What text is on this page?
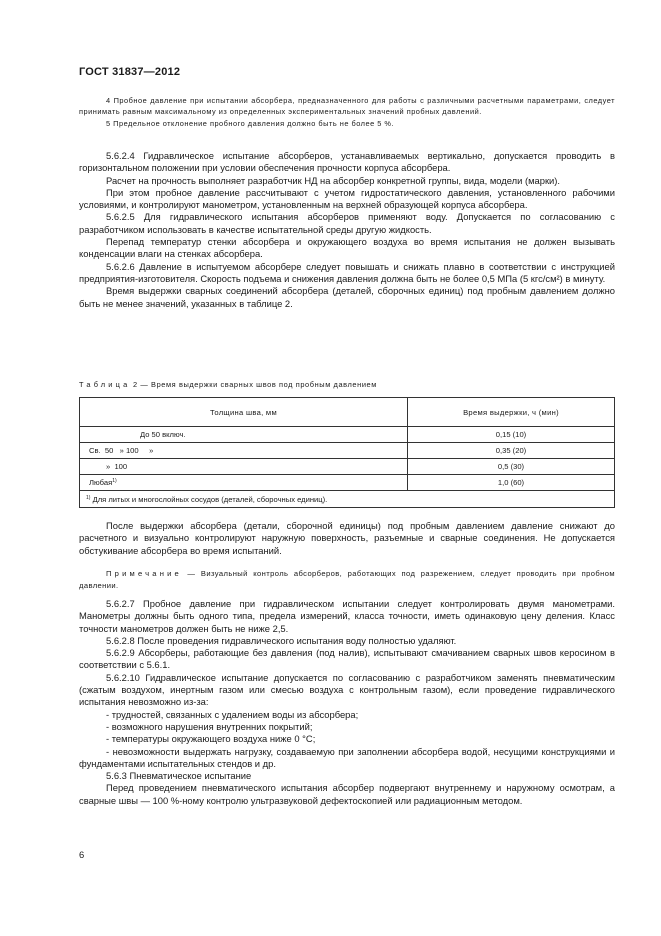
ГОСТ 31837—2012

4 Пробное давление при испытании абсорбера, предназначенного для работы с различными расчетными параметрами, следует принимать равным максимальному из определенных экспериментальных значений пробных давлений.

5 Предельное отклонение пробного давления должно быть не более 5 %.

5.6.2.4 Гидравлическое испытание абсорберов, устанавливаемых вертикально, допускается проводить в горизонтальном положении при условии обеспечения прочности корпуса абсорбера.

Расчет на прочность выполняет разработчик НД на абсорбер конкретной группы, вида, модели (марки).

При этом пробное давление рассчитывают с учетом гидростатического давления, установленного рабочими условиями, и контролируют манометром, установленным на верхней образующей корпуса абсорбера.

5.6.2.5 Для гидравлического испытания абсорберов применяют воду. Допускается по согласованию с разработчиком использовать в качестве испытательной среды другую жидкость.

Перепад температур стенки абсорбера и окружающего воздуха во время испытания не должен вызывать конденсации влаги на стенках абсорбера.

5.6.2.6 Давление в испытуемом абсорбере следует повышать и снижать плавно в соответствии с инструкцией предприятия-изготовителя. Скорость подъема и снижения давления должна быть не более 0,5 МПа (5 кгс/см²) в минуту.

Время выдержки сварных соединений абсорбера (деталей, сборочных единиц) под пробным давлением должно быть не менее значений, указанных в таблице 2.

Таблица 2 — Время выдержки сварных швов под пробным давлением
Толщина шва, мм	Время выдержки, ч (мин)
До 50 включ.	0,15 (10)
Св.  50   » 100     »	0,35 (20)
»  100	0,5 (30)
Любая$^{1)}$	1,0 (60)
$^{1)}$ Для литых и многослойных сосудов (деталей, сборочных единиц).	

После выдержки абсорбера (детали, сборочной единицы) под пробным давлением давление снижают до расчетного и визуально контролируют наружную поверхность, разъемные и сварные соединения. Не допускается обстукивание абсорбера во время испытаний.

Примечание — Визуальный контроль абсорберов, работающих под разрежением, следует проводить при пробном давлении.

5.6.2.7 Пробное давление при гидравлическом испытании следует контролировать двумя манометрами. Манометры должны быть одного типа, предела измерений, класса точности, иметь одинаковую цену деления. Класс точности манометров должен быть не ниже 2,5.

5.6.2.8 После проведения гидравлического испытания воду полностью удаляют.

5.6.2.9 Абсорберы, работающие без давления (под налив), испытывают смачиванием сварных швов керосином в соответствии с 5.6.1.

5.6.2.10 Гидравлическое испытание допускается по согласованию с разработчиком заменять пневматическим (сжатым воздухом, инертным газом или смесью воздуха с контрольным газом), если проведение гидравлического испытания невозможно из-за:

- трудностей, связанных с удалением воды из абсорбера;

- возможного нарушения внутренних покрытий;

- температуры окружающего воздуха ниже 0 °С;

- невозможности выдержать нагрузку, создаваемую при заполнении абсорбера водой, несущими конструкциями и фундаментами испытательных стендов и др.

5.6.3 Пневматическое испытание

Перед проведением пневматического испытания абсорбер подвергают внутреннему и наружному осмотрам, а сварные швы — 100 %-ному контролю ультразвуковой дефектоскопией или радиационным методом.

6
